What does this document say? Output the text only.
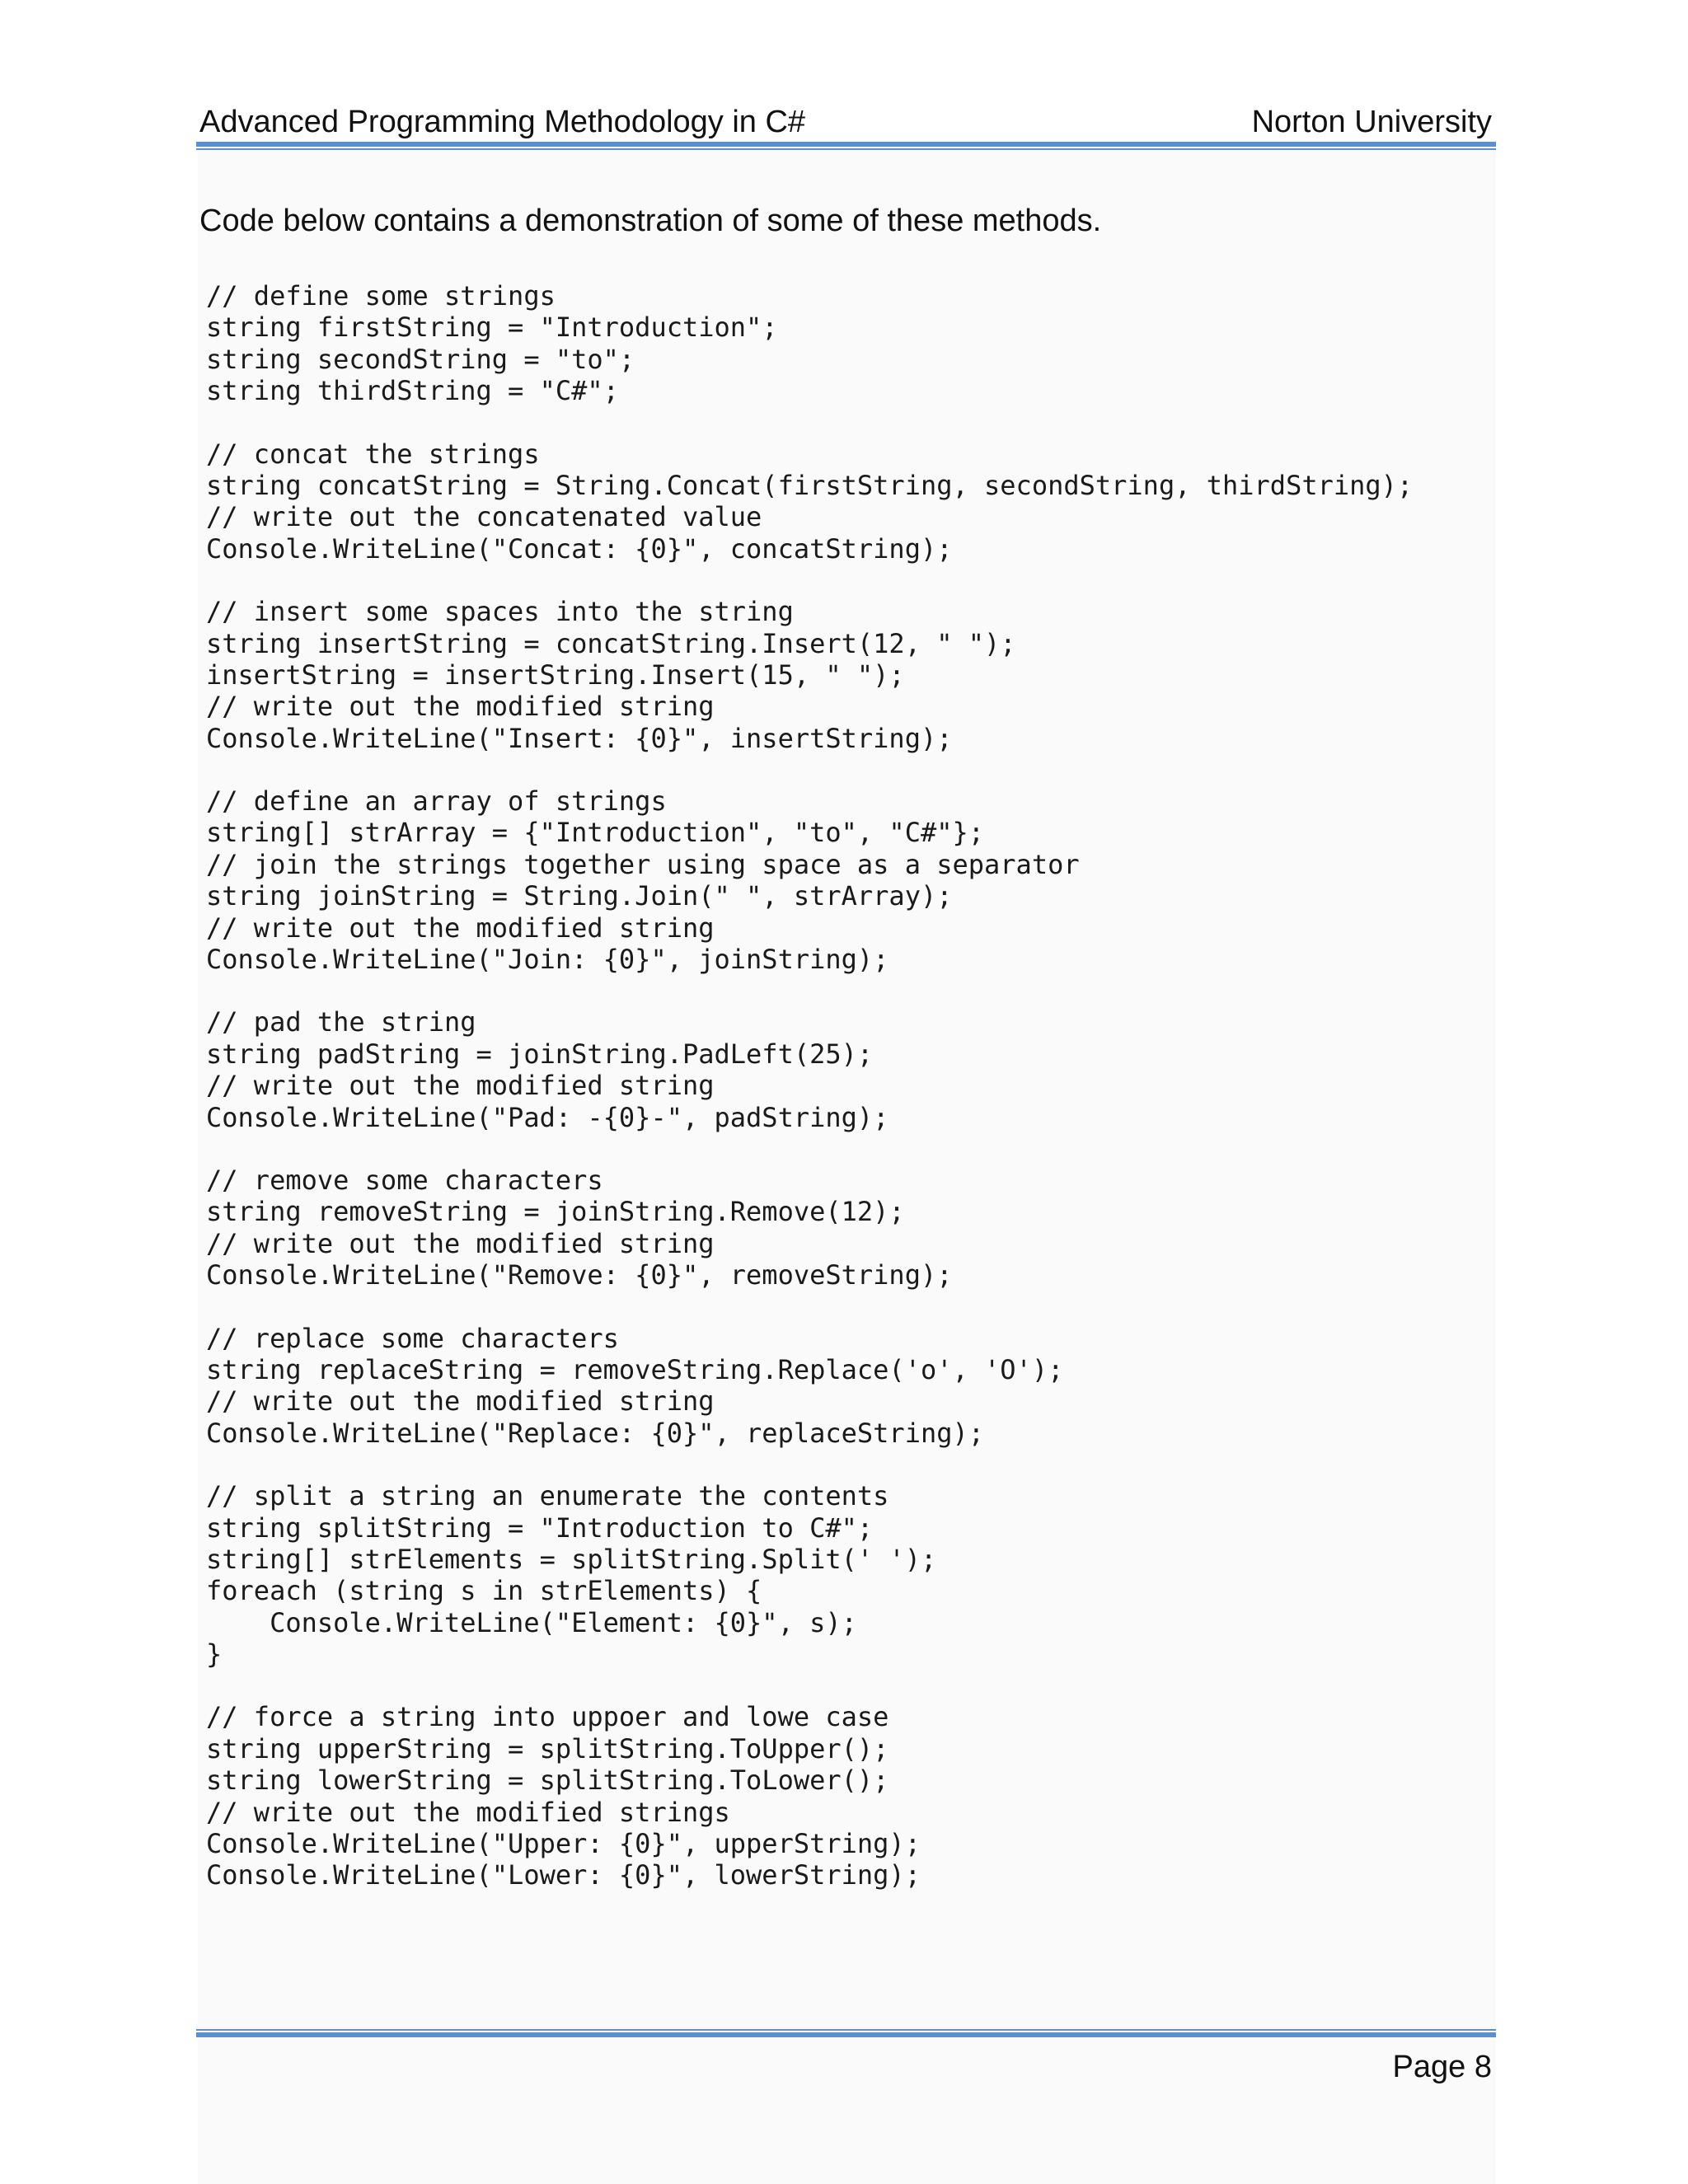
Advanced Programming Methodology in C#	Norton University
Code below contains a demonstration of some of these methods.
// define some strings
string firstString = "Introduction";
string secondString = "to";
string thirdString = "C#";
// concat the strings
string concatString = String.Concat(firstString, secondString, thirdString);
// write out the concatenated value
Console.WriteLine("Concat: {0}", concatString);
// insert some spaces into the string
string insertString = concatString.Insert(12, " ");
insertString = insertString.Insert(15, " ");
// write out the modified string
Console.WriteLine("Insert: {0}", insertString);
// define an array of strings
string[] strArray = {"Introduction", "to", "C#"};
// join the strings together using space as a separator
string joinString = String.Join(" ", strArray);
// write out the modified string
Console.WriteLine("Join: {0}", joinString);
// pad the string
string padString = joinString.PadLeft(25);
// write out the modified string
Console.WriteLine("Pad: -{0}-", padString);
// remove some characters
string removeString = joinString.Remove(12);
// write out the modified string
Console.WriteLine("Remove: {0}", removeString);
// replace some characters
string replaceString = removeString.Replace('o', 'O');
// write out the modified string
Console.WriteLine("Replace: {0}", replaceString);
// split a string an enumerate the contents
string splitString = "Introduction to C#";
string[] strElements = splitString.Split(' ');
foreach (string s in strElements) {
Console.WriteLine("Element: {0}", s);
}
// force a string into uppoer and lowe case
string upperString = splitString.ToUpper();
string lowerString = splitString.ToLower();
// write out the modified strings
Console.WriteLine("Upper: {0}", upperString);
Console.WriteLine("Lower: {0}", lowerString);
Page 8
